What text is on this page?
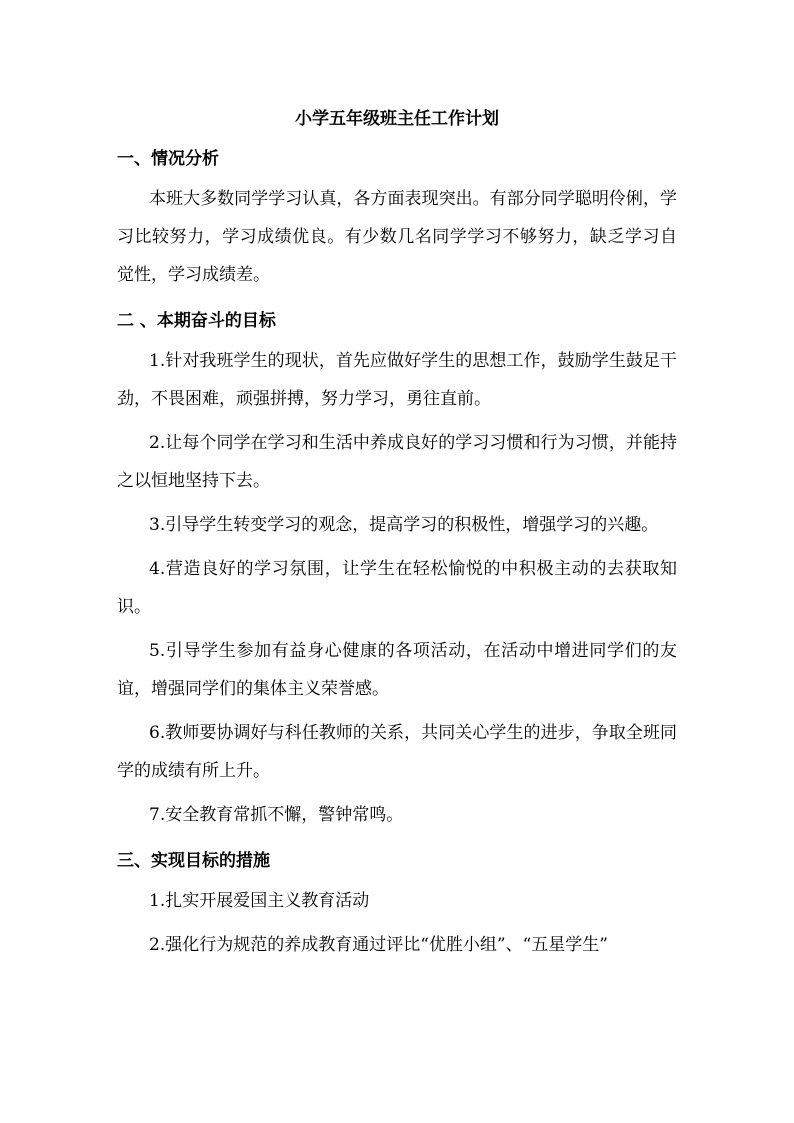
小学五年级班主任工作计划
一、情况分析

本班大多数同学学习认真，各方面表现突出。有部分同学聪明伶俐，学习比较努力，学习成绩优良。有少数几名同学学习不够努力，缺乏学习自觉性，学习成绩差。

二 、本期奋斗的目标

1.针对我班学生的现状，首先应做好学生的思想工作，鼓励学生鼓足干劲，不畏困难，顽强拼搏，努力学习，勇往直前。

2.让每个同学在学习和生活中养成良好的学习习惯和行为习惯，并能持之以恒地坚持下去。

3.引导学生转变学习的观念，提高学习的积极性，增强学习的兴趣。

4.营造良好的学习氛围，让学生在轻松愉悦的中积极主动的去获取知识。

5.引导学生参加有益身心健康的各项活动，在活动中增进同学们的友谊，增强同学们的集体主义荣誉感。

6.教师要协调好与科任教师的关系，共同关心学生的进步，争取全班同学的成绩有所上升。

7.安全教育常抓不懈，警钟常鸣。

三、实现目标的措施

1.扎实开展爱国主义教育活动

2.强化行为规范的养成教育通过评比“优胜小组”、“五星学生”
